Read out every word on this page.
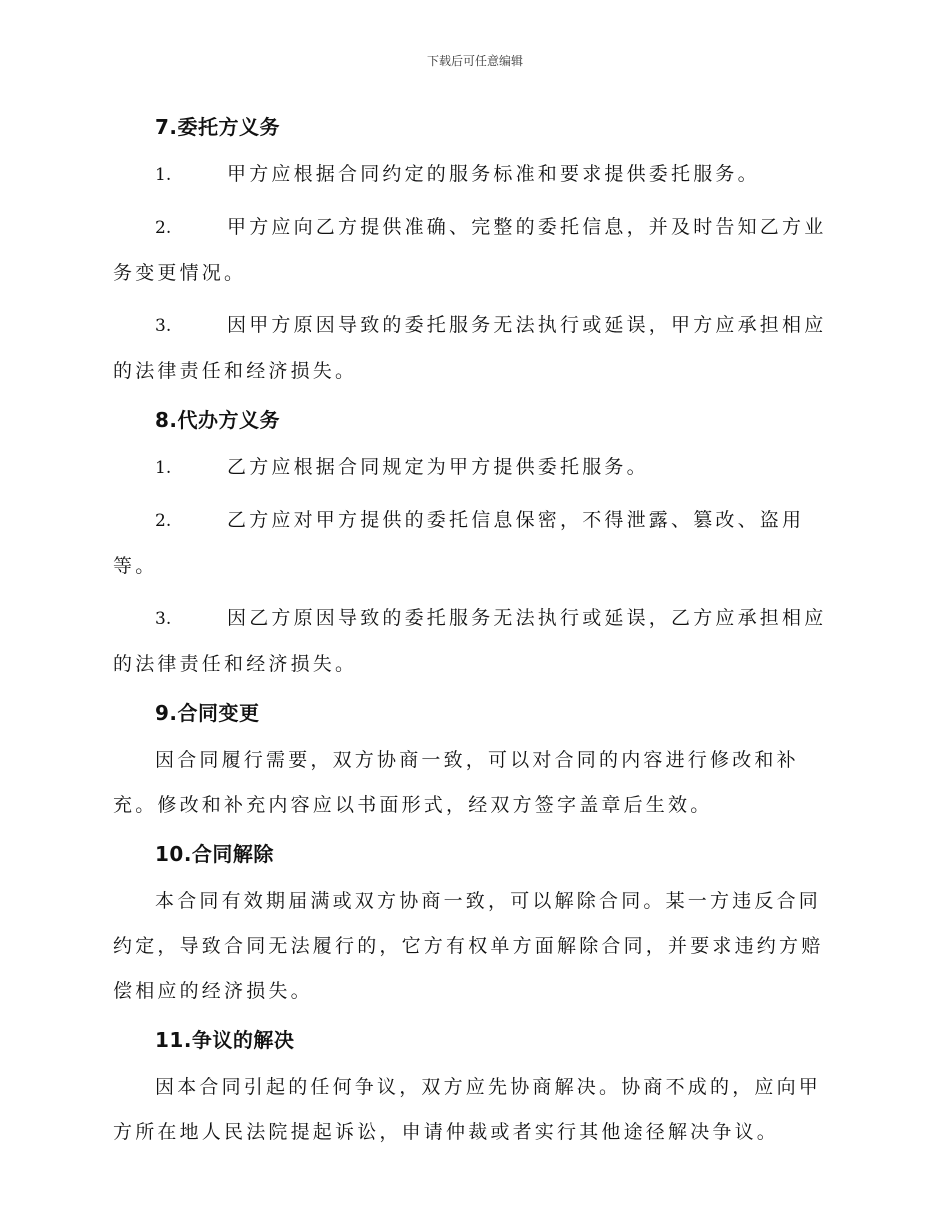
下载后可任意编辑
7.委托方义务
1.	甲方应根据合同约定的服务标准和要求提供委托服务。
2.	甲方应向乙方提供准确、完整的委托信息，并及时告知乙方业务变更情况。
3.	因甲方原因导致的委托服务无法执行或延误，甲方应承担相应的法律责任和经济损失。
8.代办方义务
1.	乙方应根据合同规定为甲方提供委托服务。
2.	乙方应对甲方提供的委托信息保密，不得泄露、篡改、盗用等。
3.	因乙方原因导致的委托服务无法执行或延误，乙方应承担相应的法律责任和经济损失。
9.合同变更
因合同履行需要，双方协商一致，可以对合同的内容进行修改和补充。修改和补充内容应以书面形式，经双方签字盖章后生效。
10.合同解除
本合同有效期届满或双方协商一致，可以解除合同。某一方违反合同约定，导致合同无法履行的，它方有权单方面解除合同，并要求违约方赔偿相应的经济损失。
11.争议的解决
因本合同引起的任何争议，双方应先协商解决。协商不成的，应向甲方所在地人民法院提起诉讼，申请仲裁或者实行其他途径解决争议。
